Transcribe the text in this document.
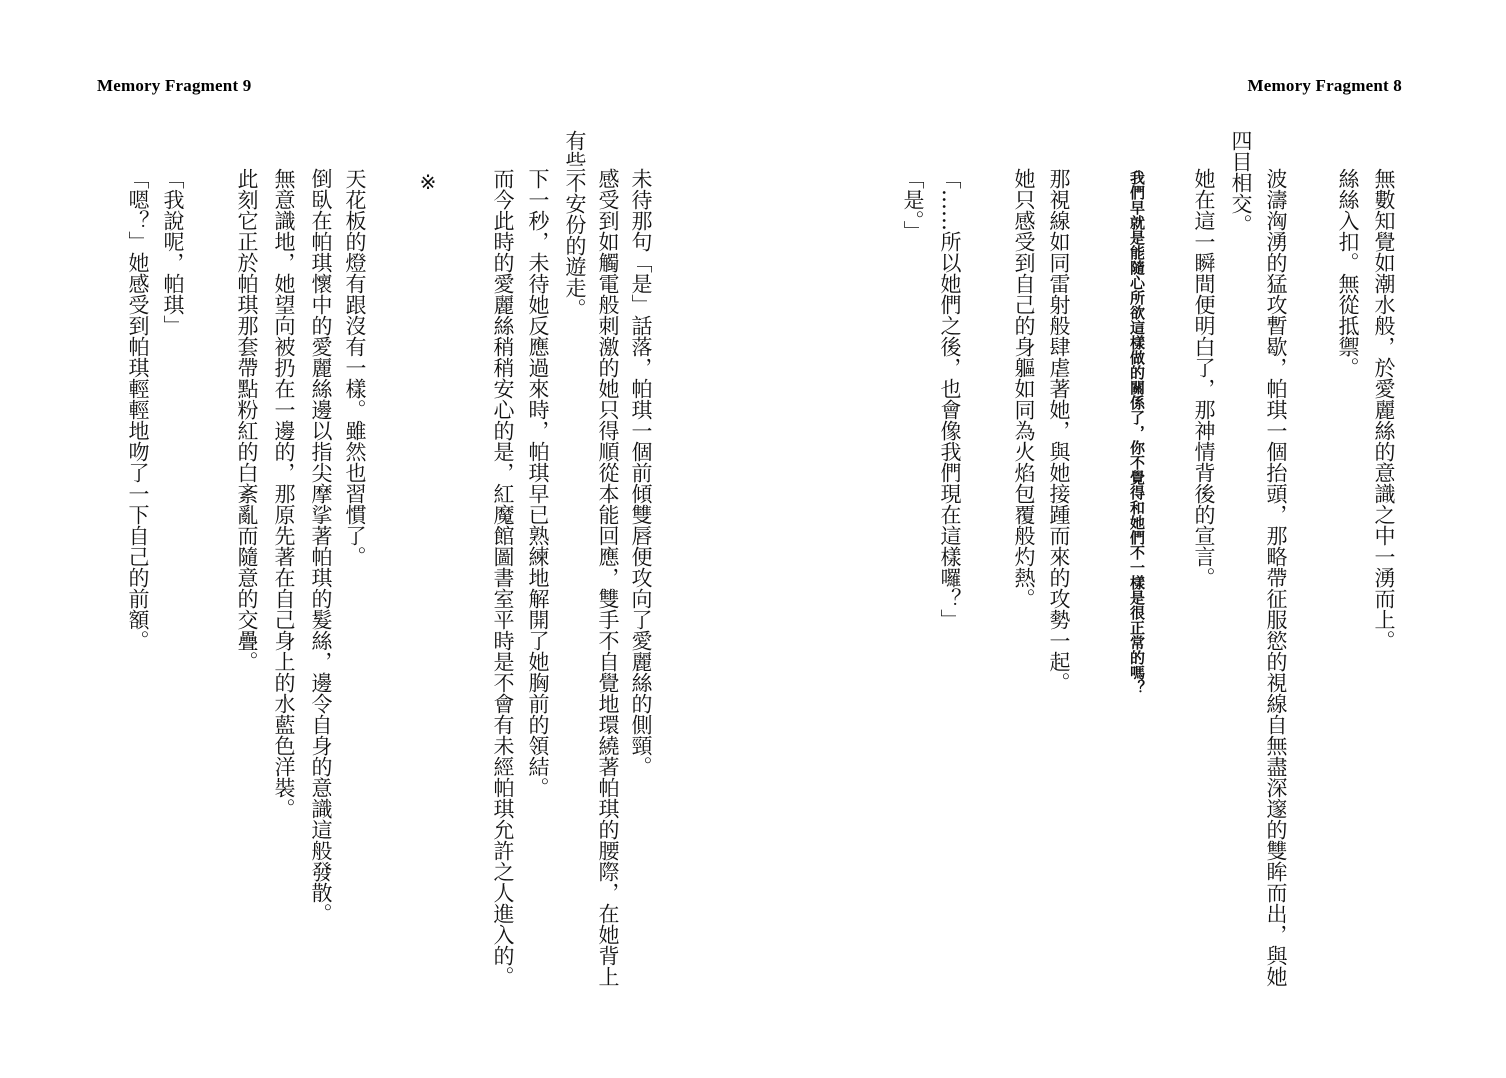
Memory Fragment 9
未待那句「是」話落，帕琪一個前傾雙唇便攻向了愛麗絲的側頸。
感受到如觸電般刺激的她只得順從本能回應，雙手不自覺地環繞著帕琪的腰際，在她背上
有些不安份的遊走。
下一秒，未待她反應過來時，帕琪早已熟練地解開了她胸前的領結。
而今此時的愛麗絲稍稍安心的是，紅魔館圖書室平時是不會有未經帕琪允許之人進入的。
※
天花板的燈有跟沒有一樣。雖然也習慣了。
倒臥在帕琪懷中的愛麗絲邊以指尖摩挲著帕琪的髮絲，邊令自身的意識這般發散。
無意識地，她望向被扔在一邊的，那原先著在自己身上的水藍色洋裝。
此刻它正於帕琪那套帶點粉紅的白紊亂而隨意的交疊。
「我說呢，帕琪」
「嗯？」她感受到帕琪輕輕地吻了一下自己的前額。
Memory Fragment 8
無數知覺如潮水般，於愛麗絲的意識之中一湧而上。
絲絲入扣。無從抵禦。
波濤洶湧的猛攻暫歇，帕琪一個抬頭，那略帶征服慾的視線自無盡深邃的雙眸而出，與她
四目相交。
她在這一瞬間便明白了，那神情背後的宣言。
我們早就是能隨心所欲這樣做的關係了，你不覺得和她們不一樣是很正常的嗎？
那視線如同雷射般肆虐著她，與她接踵而來的攻勢一起。
她只感受到自己的身軀如同為火焰包覆般灼熱。
「……所以她們之後，也會像我們現在這樣囉？」
「是。」
